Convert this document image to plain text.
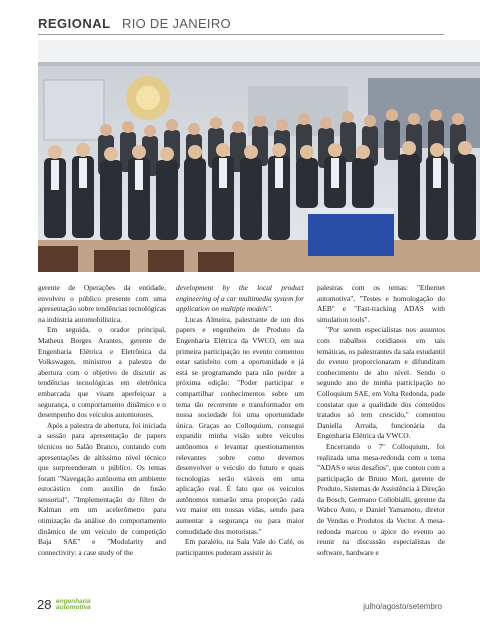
REGIONAL RIO DE JANEIRO

gerente de Operações da entidade, envolveu o público presente com uma apresentação sobre tendências tecnológicas na indústria automobilística.

Em seguida, o orador principal, Matheus Borges Arantes, gerente de Engenharia Elétrica e Eletrônica da Volkswagen, ministrou a palestra de abertura com o objetivo de discutir as tendências tecnológicas em eletrônica embarcada que visam aperfeiçoar a segurança, o comportamento dinâmico e o desempenho dos veículos automotores.

Após a palestra de abertura, foi iniciada a sessão para apresentação de papers técnicos no Salão Branco, contando com apresentações de altíssimo nível técnico que surpreenderam o público. Os temas foram "Navegação autônoma em ambiente estocástico com auxílio de fusão sensorial", "Implementação do filtro de Kalman em um acelerômetro para otimização da análise do comportamento dinâmico de um veículo de competição Baja SAE" e "Modularity and connectivity: a case study of the

development by the local product engineering of a car multimedia system for application on multiple models".

Lucas Almeira, palestrante de um dos papers e engenheiro de Produto da Engenharia Elétrica da VWCO, em sua primeira participação no evento comentou estar satisfeito com a oportunidade e já está se programando para não perder a próxima edição: "Poder participar e compartilhar conhecimentos sobre um tema tão recorrente e transformador em nossa sociedade foi uma oportunidade única. Graças ao Colloquium, consegui expandir minha visão sobre veículos autônomos e levantar questionamentos relevantes sobre como devemos desenvolver o veículo do futuro e quais tecnologias serão viáveis em uma aplicação real. É fato que os veículos autônomos tomarão uma proporção cada vez maior em nossas vidas, sendo para aumentar a segurança ou para maior comodidade dos motoristas."

Em paralelo, na Sala Vale do Café, os participantes puderam assistir às

palestras com os temas: "Ethernet automotiva", "Testes e homologação do AEB" e "Fast-tracking ADAS with simulation tools".

"Por serem especialistas nos assuntos com trabalhos cotidianos em tais temáticas, os palestrantes da sala estudantil do evento proporcionaram e difundiram conhecimento de alto nível. Sendo o segundo ano de minha participação no Colloquium SAE, em Volta Redonda, pude constatar que a qualidade dos conteúdos tratados só tem crescido," comentou Daniella Arruda, funcionária da Engenharia Elétrica da VWCO.

Encerrando o 7º Colloquium, foi realizada uma mesa-redonda com o tema "ADAS e seus desafios", que contou com a participação de Bruno Mori, gerente de Produto, Sistemas de Assistência à Direção da Bosch, Germano Collobialli, gerente da Wabco Auto, e Daniel Yamamoto, diretor de Vendas e Produtos da Vector. A mesa-redonda marcou o ápice do evento ao reunir na discussão especialistas de software, hardware e

28 engenharia
automotiva	julho/agosto/setembro
